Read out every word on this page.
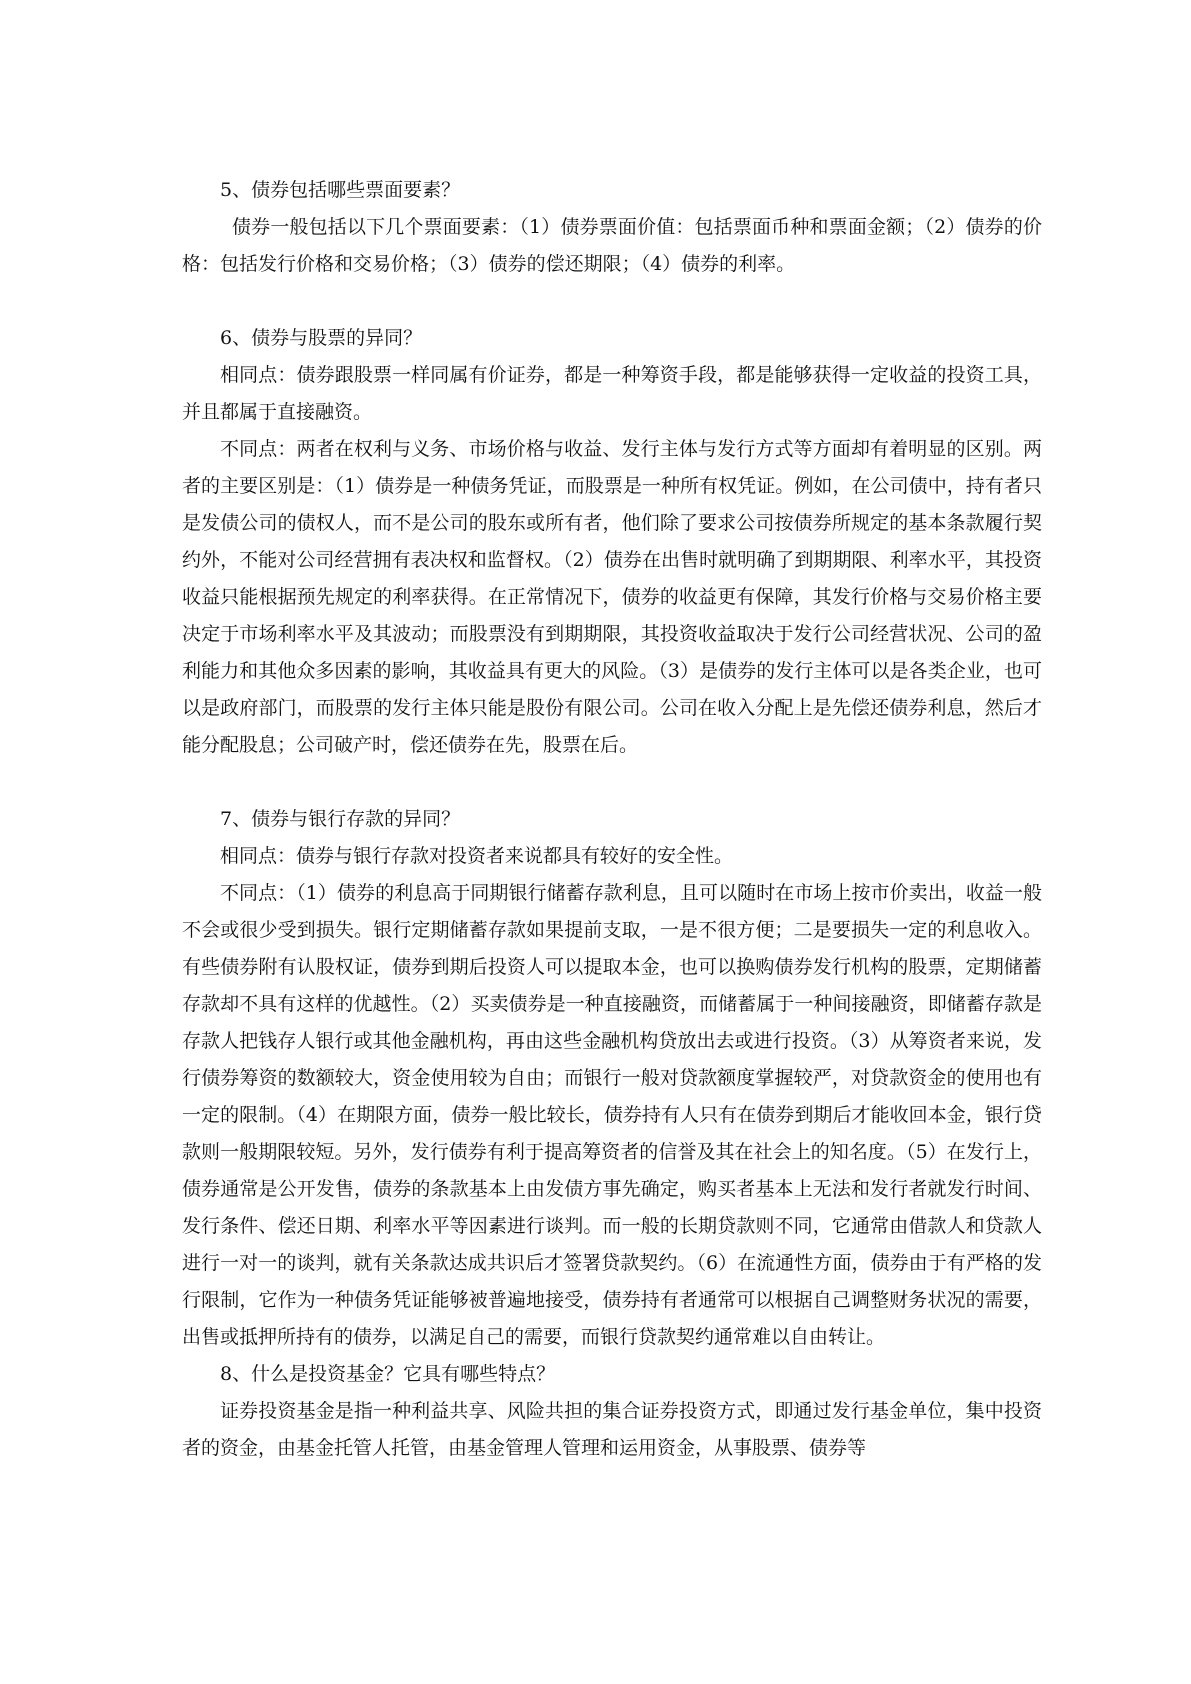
5、债券包括哪些票面要素？

债券一般包括以下几个票面要素：（1）债券票面价值：包括票面币种和票面金额；（2）债券的价格：包括发行价格和交易价格；（3）债券的偿还期限；（4）债券的利率。

6、债券与股票的异同？

相同点：债券跟股票一样同属有价证券，都是一种筹资手段，都是能够获得一定收益的投资工具，并且都属于直接融资。

不同点：两者在权利与义务、市场价格与收益、发行主体与发行方式等方面却有着明显的区别。两者的主要区别是：（1）债券是一种债务凭证，而股票是一种所有权凭证。例如，在公司债中，持有者只是发债公司的债权人，而不是公司的股东或所有者，他们除了要求公司按债券所规定的基本条款履行契约外，不能对公司经营拥有表决权和监督权。（2）债券在出售时就明确了到期期限、利率水平，其投资收益只能根据预先规定的利率获得。在正常情况下，债券的收益更有保障，其发行价格与交易价格主要决定于市场利率水平及其波动；而股票没有到期期限，其投资收益取决于发行公司经营状况、公司的盈利能力和其他众多因素的影响，其收益具有更大的风险。（3）是债券的发行主体可以是各类企业，也可以是政府部门，而股票的发行主体只能是股份有限公司。公司在收入分配上是先偿还债券利息，然后才能分配股息；公司破产时，偿还债券在先，股票在后。

7、债券与银行存款的异同？

相同点：债券与银行存款对投资者来说都具有较好的安全性。

不同点：（1）债券的利息高于同期银行储蓄存款利息，且可以随时在市场上按市价卖出，收益一般不会或很少受到损失。银行定期储蓄存款如果提前支取，一是不很方便；二是要损失一定的利息收入。有些债券附有认股权证，债券到期后投资人可以提取本金，也可以换购债券发行机构的股票，定期储蓄存款却不具有这样的优越性。（2）买卖债券是一种直接融资，而储蓄属于一种间接融资，即储蓄存款是存款人把钱存人银行或其他金融机构，再由这些金融机构贷放出去或进行投资。（3）从筹资者来说，发行债券筹资的数额较大，资金使用较为自由；而银行一般对贷款额度掌握较严，对贷款资金的使用也有一定的限制。（4）在期限方面，债券一般比较长，债券持有人只有在债券到期后才能收回本金，银行贷款则一般期限较短。另外，发行债券有利于提高筹资者的信誉及其在社会上的知名度。（5）在发行上，债券通常是公开发售，债券的条款基本上由发债方事先确定，购买者基本上无法和发行者就发行时间、发行条件、偿还日期、利率水平等因素进行谈判。而一般的长期贷款则不同，它通常由借款人和贷款人进行一对一的谈判，就有关条款达成共识后才签署贷款契约。（6）在流通性方面，债券由于有严格的发行限制，它作为一种债务凭证能够被普遍地接受，债券持有者通常可以根据自己调整财务状况的需要，出售或抵押所持有的债券，以满足自己的需要，而银行贷款契约通常难以自由转让。

8、什么是投资基金？它具有哪些特点？

证券投资基金是指一种利益共享、风险共担的集合证券投资方式，即通过发行基金单位，集中投资者的资金，由基金托管人托管，由基金管理人管理和运用资金，从事股票、债券等
